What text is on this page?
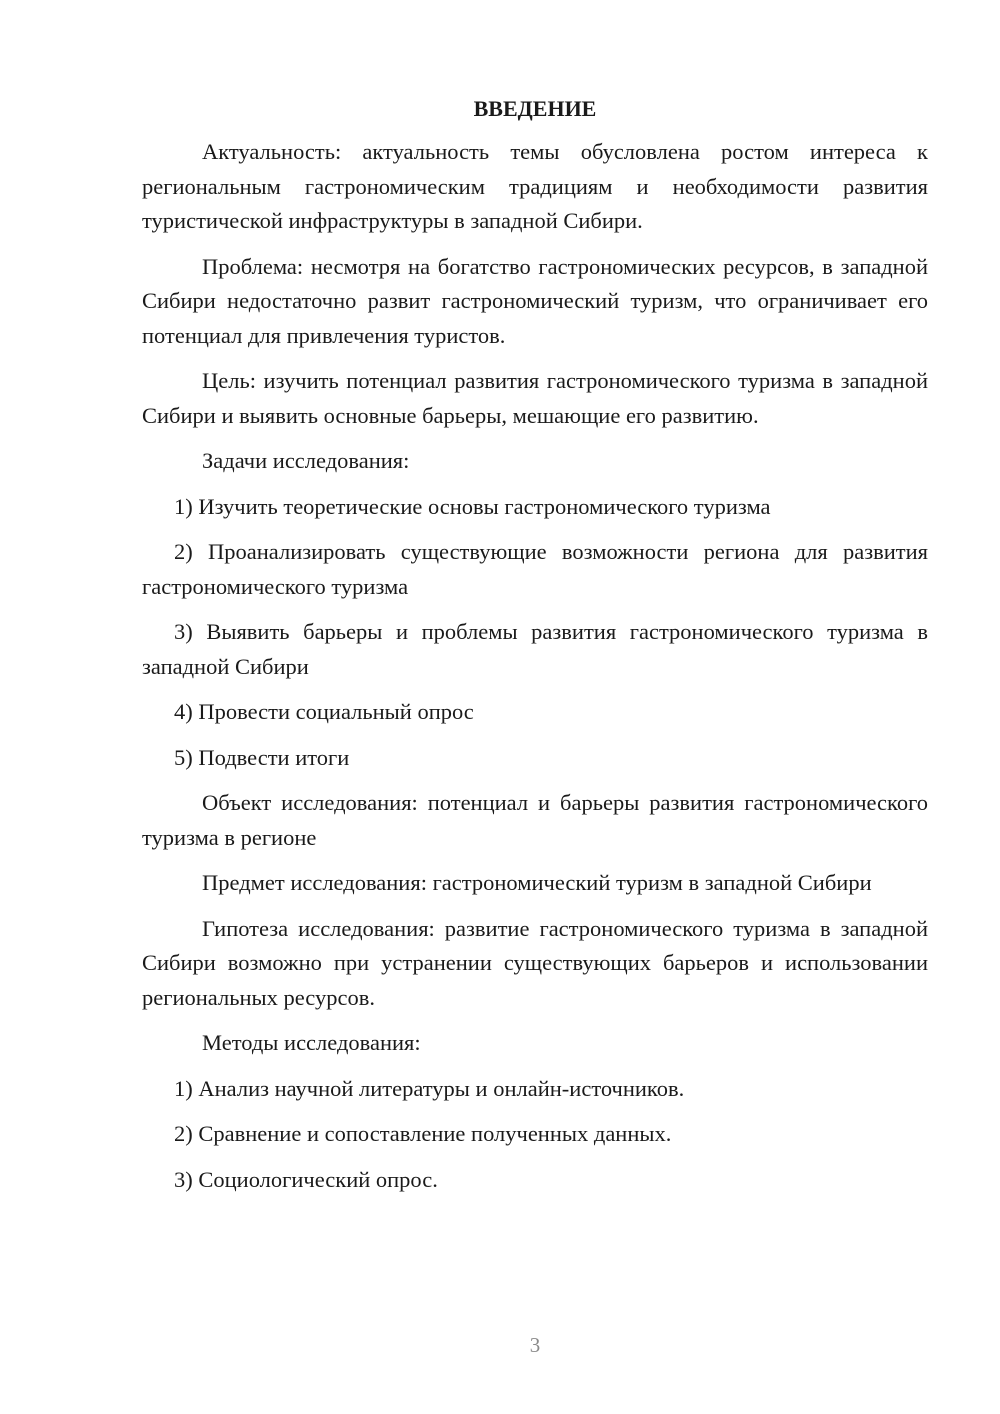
ВВЕДЕНИЕ

Актуальность: актуальность темы обусловлена ростом интереса к региональным гастрономическим традициям и необходимости развития туристической инфраструктуры в западной Сибири.

Проблема: несмотря на богатство гастрономических ресурсов, в западной Сибири недостаточно развит гастрономический туризм, что ограничивает его потенциал для привлечения туристов.

Цель: изучить потенциал развития гастрономического туризма в западной Сибири и выявить основные барьеры, мешающие его развитию.

Задачи исследования:

1) Изучить теоретические основы гастрономического туризма

2) Проанализировать существующие возможности региона для развития гастрономического туризма

3) Выявить барьеры и проблемы развития гастрономического туризма в западной Сибири

4) Провести социальный опрос

5) Подвести итоги

Объект исследования: потенциал и барьеры развития гастрономического туризма в регионе

Предмет исследования: гастрономический туризм в западной Сибири

Гипотеза исследования: развитие гастрономического туризма в западной Сибири возможно при устранении существующих барьеров и использовании региональных ресурсов.

Методы исследования:

1) Анализ научной литературы и онлайн-источников.

2) Сравнение и сопоставление полученных данных.

3) Социологический опрос.

3
